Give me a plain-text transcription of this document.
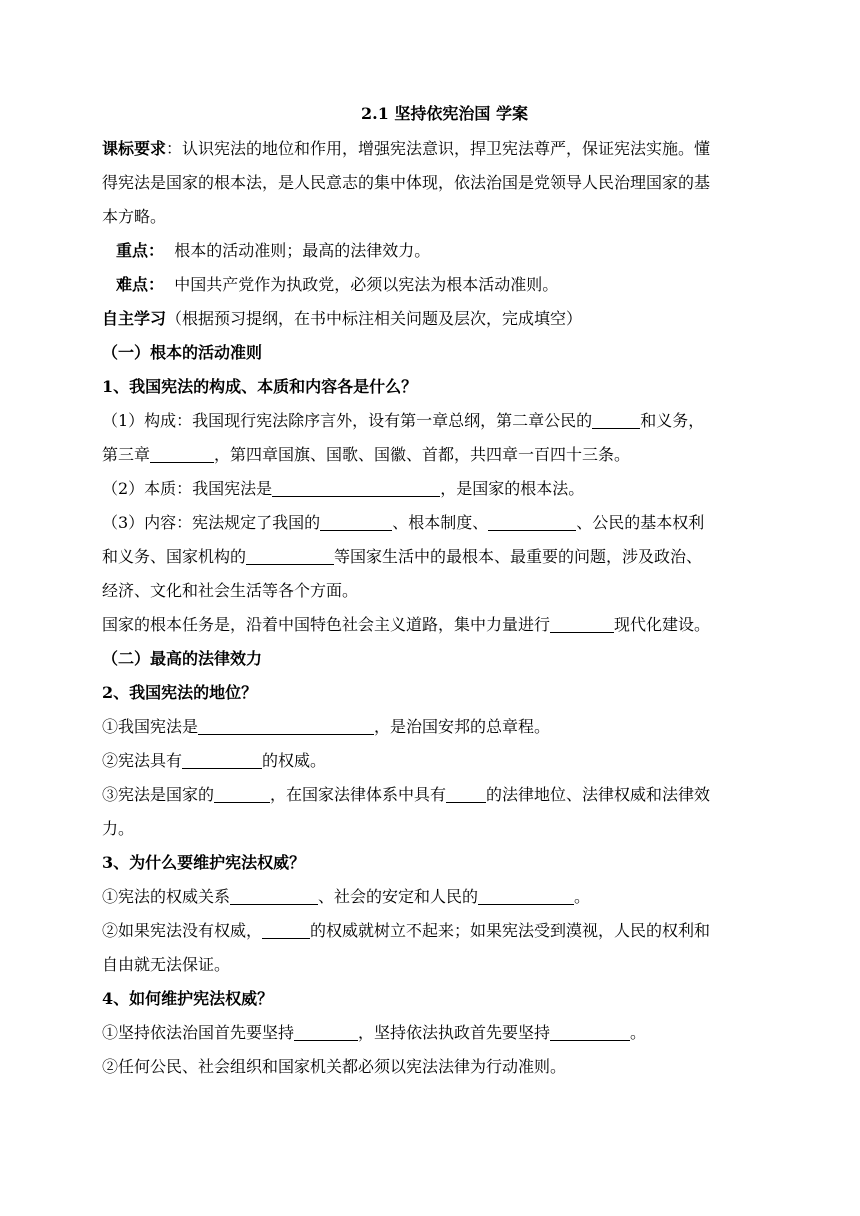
2.1 坚持依宪治国 学案
课标要求：认识宪法的地位和作用，增强宪法意识，捍卫宪法尊严，保证宪法实施。懂
得宪法是国家的根本法，是人民意志的集中体现，依法治国是党领导人民治理国家的基
本方略。
重点： 根本的活动准则；最高的法律效力。
难点： 中国共产党作为执政党，必须以宪法为根本活动准则。
自主学习（根据预习提纲，在书中标注相关问题及层次，完成填空）
（一）根本的活动准则
1、我国宪法的构成、本质和内容各是什么？
（1）构成：我国现行宪法除序言外，设有第一章总纲，第二章公民的	和义务，
第三章	，第四章国旗、国歌、国徽、首都，共四章一百四十三条。
（2）本质：我国宪法是	，是国家的根本法。
（3）内容：宪法规定了我国的	、根本制度、	、公民的基本权利
和义务、国家机构的	等国家生活中的最根本、最重要的问题，涉及政治、
经济、文化和社会生活等各个方面。
国家的根本任务是，沿着中国特色社会主义道路，集中力量进行	现代化建设。
（二）最高的法律效力
2、我国宪法的地位？
①我国宪法是	，是治国安邦的总章程。
②宪法具有	的权威。
③宪法是国家的	，在国家法律体系中具有	的法律地位、法律权威和法律效
力。
3、为什么要维护宪法权威？
①宪法的权威关系	、社会的安定和人民的	。
②如果宪法没有权威，	的权威就树立不起来；如果宪法受到漠视，人民的权利和
自由就无法保证。
4、如何维护宪法权威？
①坚持依法治国首先要坚持	，坚持依法执政首先要坚持	。
②任何公民、社会组织和国家机关都必须以宪法法律为行动准则。
